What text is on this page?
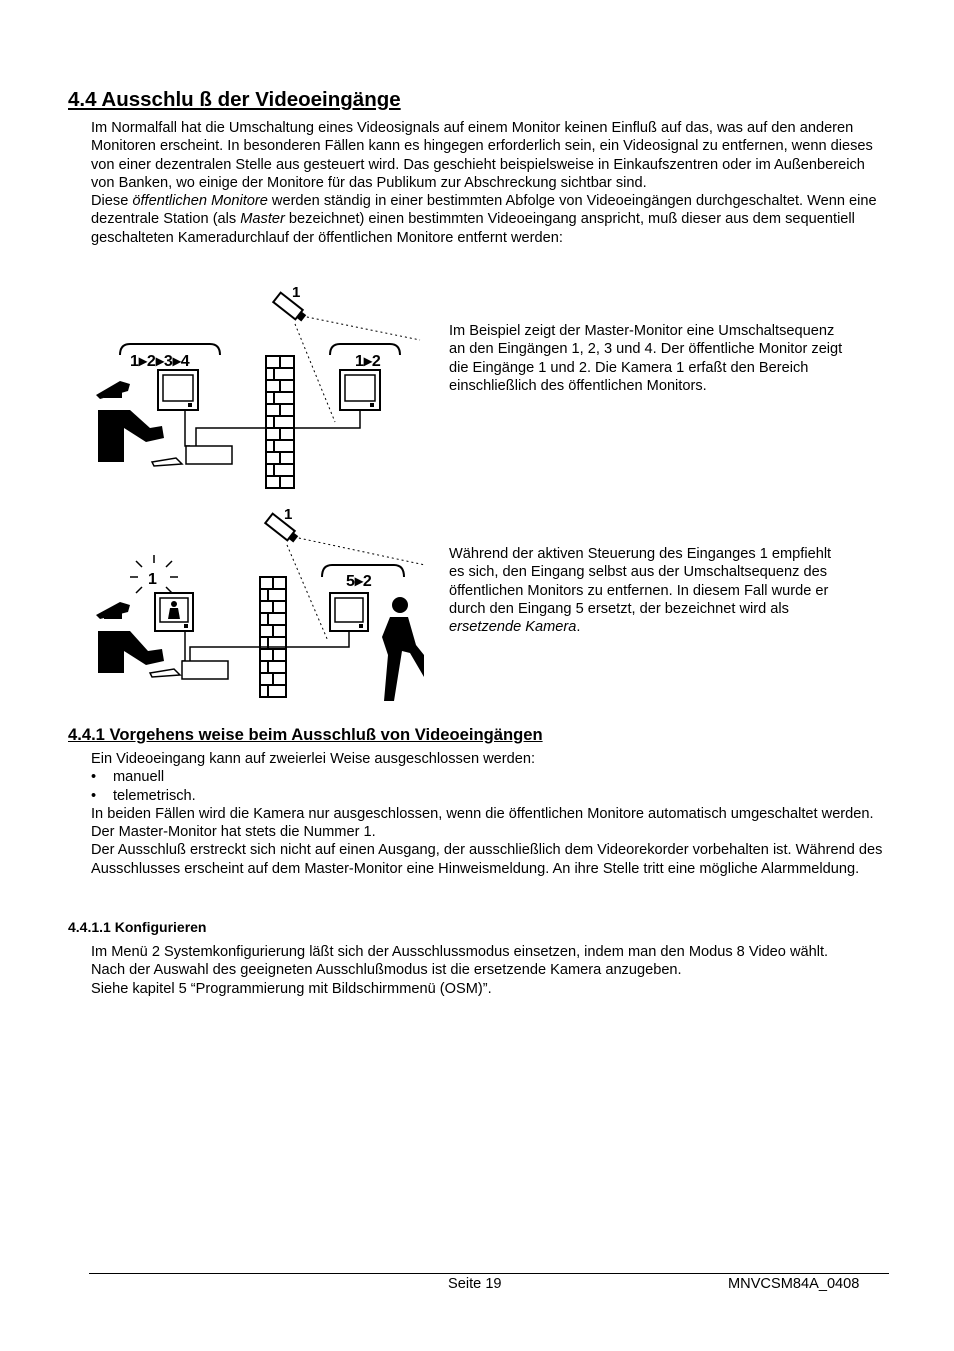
4.4 Ausschlu ß der Videoeingänge

Im Normalfall hat die Umschaltung eines Videosignals auf einem Monitor keinen Einfluß auf das, was auf den anderen Monitoren erscheint. In besonderen Fällen kann es hingegen erforderlich sein, ein Videosignal zu entfernen, wenn dieses von einer dezentralen Stelle aus gesteuert wird. Das geschieht beispielsweise in Einkaufszentren oder im Außenbereich von Banken, wo einige der Monitore für das Publikum zur Abschreckung sichtbar sind.

Diese öffentlichen Monitore werden ständig in einer bestimmten Abfolge von Videoeingängen durchgeschaltet. Wenn eine dezentrale Station (als Master bezeichnet) einen bestimmten Videoeingang anspricht, muß dieser aus dem sequentiell geschalteten Kameradurchlauf der öffentlichen Monitore entfernt werden:

1
1▸2▸3▸4	1▸2
Im Beispiel zeigt der Master-Monitor eine Umschaltsequenz an den Eingängen 1, 2, 3 und 4. Der öffentliche Monitor zeigt die Eingänge 1 und 2. Die Kamera 1 erfaßt den Bereich einschließlich des öffentlichen Monitors.
1
1	5▸2
Während der aktiven Steuerung des Einganges 1 empfiehlt es sich, den Eingang selbst aus der Umschaltsequenz des öffentlichen Monitors zu entfernen. In diesem Fall wurde er durch den Eingang 5 ersetzt, der bezeichnet wird als ersetzende Kamera.
4.4.1 Vorgehens weise beim Ausschluß von Videoeingängen

Ein Videoeingang kann auf zweierlei Weise ausgeschlossen werden:

•	manuell
•	telemetrisch.

In beiden Fällen wird die Kamera nur ausgeschlossen, wenn die öffentlichen Monitore automatisch umgeschaltet werden. Der Master-Monitor hat stets die Nummer 1.

Der Ausschluß erstreckt sich nicht auf einen Ausgang, der ausschließlich dem Videorekorder vorbehalten ist. Während des Ausschlusses erscheint auf dem Master-Monitor eine Hinweismeldung. An ihre Stelle tritt eine mögliche Alarmmeldung.

4.4.1.1 Konfigurieren

Im Menü 2 Systemkonfigurierung läßt sich der Ausschlussmodus einsetzen, indem man den Modus 8 Video wählt.

Nach der Auswahl des geeigneten Ausschlußmodus ist die ersetzende Kamera anzugeben.

Siehe kapitel 5 “Programmierung mit Bildschirmmenü (OSM)”.

Seite 19	MNVCSM84A_0408
